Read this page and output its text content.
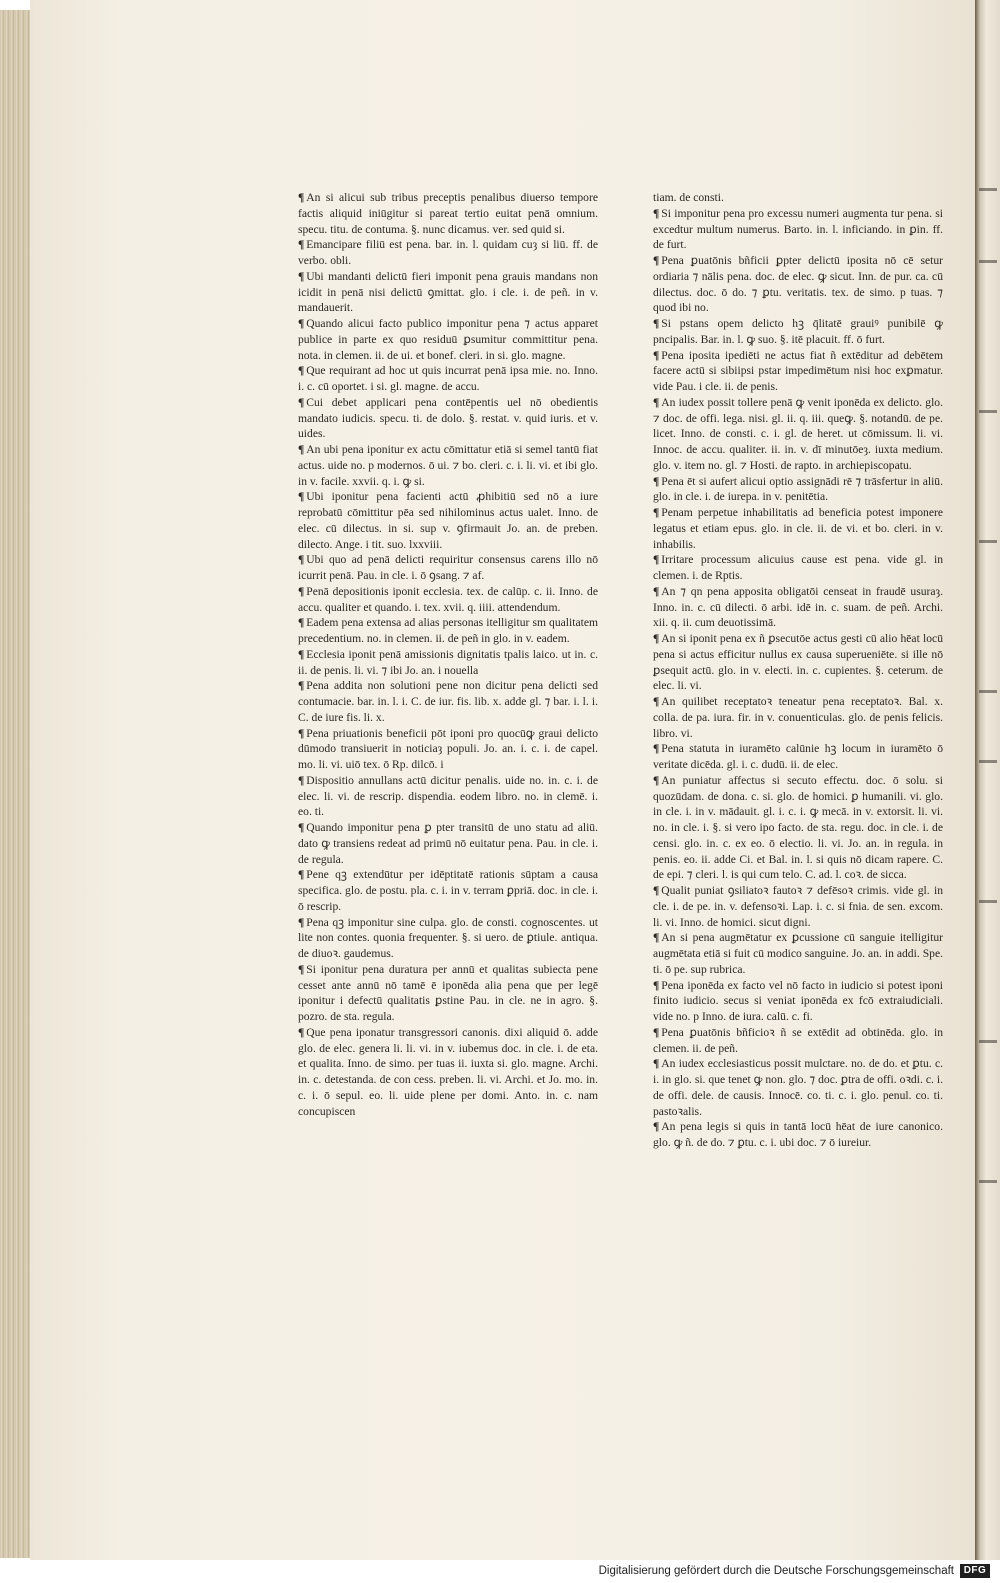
¶ An si alicui sub tribus preceptis penalibus diuerso tempore factis aliquid iniūgitur si pareat tertio euitat penā omnium. specu. titu. de contuma. §. nunc dicamus. ver. sed quid si.

¶ Emancipare filiū est pena. bar. in. l. quidam cuȝ si liū. ff. de verbo. obli.

¶ Ubi mandanti delictū fieri imponit pena grauis mandans non icidit in penā nisi delictū ꝯmittat. glo. i cle. i. de peñ. in v. mandauerit.

¶ Quando alicui facto publico imponitur pena ⁊ actus apparet publice in parte ex quo residuū ꝑsumitur committitur pena. nota. in clemen. ii. de ui. et bonef. cleri. in si. glo. magne.

¶ Que requirant ad hoc ut quis incurrat penā ipsa mie. no. Inno. i. c. cū oportet. i si. gl. magne. de accu.

¶ Cui debet applicari pena contēpentis uel nō obedientis mandato iudicis. specu. ti. de dolo. §. restat. v. quid iuris. et v. uides.

¶ An ubi pena iponitur ex actu cōmittatur etiā si semel tantū fiat actus. uide no. p modernos. ō ui. ⁊ bo. cleri. c. i. li. vi. et ibi glo. in v. facile. xxvii. q. i. ꝙ si.

¶ Ubi iponitur pena facienti actū ꝓhibitiū sed nō a iure reprobatū cōmittitur pēa sed nihilominus actus ualet. Inno. de elec. cū dilectus. in si. sup v. ꝯfirmauit Jo. an. de preben. dilecto. Ange. i tit. suo. lxxviii.

¶ Ubi quo ad penā delicti requiritur consensus carens illo nō icurrit penā. Pau. in cle. i. ō ꝯsang. ⁊ af.

¶ Penā depositionis iponit ecclesia. tex. de calūp. c. ii. Inno. de accu. qualiter et quando. i. tex. xvii. q. iiii. attendendum.

¶ Eadem pena extensa ad alias personas itelligitur sm qualitatem precedentium. no. in clemen. ii. de peñ in glo. in v. eadem.

¶ Ecclesia iponit penā amissionis dignitatis tpalis laico. ut in. c. ii. de penis. li. vi. ⁊ ibi Jo. an. i nouella

¶ Pena addita non solutioni pene non dicitur pena delicti sed contumacie. bar. in. l. i. C. de iur. fis. lib. x. adde gl. ⁊ bar. i. l. i. C. de iure fis. li. x.

¶ Pena priuationis beneficii pōt iponi pro quocūꝙ graui delicto dūmodo transiuerit in noticiaȝ populi. Jo. an. i. c. i. de capel. mo. li. vi. uiō tex. ō Rp. dilcō. i

¶ Dispositio annullans actū dicitur penalis. uide no. in. c. i. de elec. li. vi. de rescrip. dispendia. eodem libro. no. in clemē. i. eo. ti.

¶ Quando imponitur pena ꝑ pter transitū de uno statu ad aliū. dato ꝙ transiens redeat ad primū nō euitatur pena. Pau. in cle. i. de regula.

¶ Pene qꝫ extendūtur per idēptitatē rationis sūptam a causa specifica. glo. de postu. pla. c. i. in v. terram ꝑpriā. doc. in cle. i. ō rescrip.

¶ Pena qꝫ imponitur sine culpa. glo. de consti. cognoscentes. ut lite non contes. quonia frequenter. §. si uero. de ꝑtiule. antiqua. de diuoꝛ. gaudemus.

¶ Si iponitur pena duratura per annū et qualitas subiecta pene cesset ante annū nō tamē ē iponēda alia pena que per legē iponitur i defectū qualitatis ꝑstine Pau. in cle. ne in agro. §. pozro. de sta. regula.

¶ Que pena iponatur transgressori canonis. dixi aliquid ō. adde glo. de elec. genera li. li. vi. in v. iubemus doc. in cle. i. de eta. et qualita. Inno. de simo. per tuas ii. iuxta si. glo. magne. Archi. in. c. detestanda. de con cess. preben. li. vi. Archi. et Jo. mo. in. c. i. ō sepul. eo. li. uide plene per domi. Anto. in. c. nam concupiscen

tiam. de consti.

¶ Si imponitur pena pro excessu numeri augmenta tur pena. si excedtur multum numerus. Barto. in. l. inficiando. in ꝑin. ff. de furt.

¶ Pena ꝑuatōnis bñficii ꝑpter delictū iposita nō cē setur ordiaria ⁊ nālis pena. doc. de elec. ꝙ sicut. Inn. de pur. ca. cū dilectus. doc. ō do. ⁊ ꝑtu. veritatis. tex. de simo. p tuas. ⁊ quod ibi no.

¶ Si pstans opem delicto hꝫ q̄litatē grauiꝰ punibilē ꝙ pncipalis. Bar. in. l. ꝙ suo. §. itē placuit. ff. ō furt.

¶ Pena iposita ipediēti ne actus fiat ñ extēditur ad debētem facere actū si sibiipsi pstar impedimētum nisi hoc exꝑmatur. vide Pau. i cle. ii. de penis.

¶ An iudex possit tollere penā ꝙ venit iponēda ex delicto. glo. ⁊ doc. de offi. lega. nisi. gl. ii. q. iii. queꝙ. §. notandū. de pe. licet. Inno. de consti. c. i. gl. de heret. ut cōmissum. li. vi. Innoc. de accu. qualiter. ii. in. v. dī minutōeȝ. iuxta medium. glo. v. item no. gl. ⁊ Hosti. de rapto. in archiepiscopatu.

¶ Pena ēt si aufert alicui optio assignādi rē ⁊ trāsfertur in aliū. glo. in cle. i. de iurepa. in v. penitētia.

¶ Penam perpetue inhabilitatis ad beneficia potest imponere legatus et etiam epus. glo. in cle. ii. de vi. et bo. cleri. in v. inhabilis.

¶ Irritare processum alicuius cause est pena. vide gl. in clemen. i. de Rptis.

¶ An ⁊ qn pena apposita obligatōi censeat in fraudē usuraȝ. Inno. in. c. cū dilecti. ō arbi. idē in. c. suam. de peñ. Archi. xii. q. ii. cum deuotissimā.

¶ An si iponit pena ex ñ ꝑsecutōe actus gesti cū alio hēat locū pena si actus efficitur nullus ex causa superueniēte. si ille nō ꝑsequit actū. glo. in v. electi. in. c. cupientes. §. ceterum. de elec. li. vi.

¶ An quilibet receptatoꝛ teneatur pena receptatoꝛ. Bal. x. colla. de pa. iura. fir. in v. conuenticulas. glo. de penis felicis. libro. vi.

¶ Pena statuta in iuramēto calūnie hꝫ locum in iuramēto ō veritate dicēda. gl. i. c. dudū. ii. de elec.

¶ An puniatur affectus si secuto effectu. doc. ō solu. si quozūdam. de dona. c. si. glo. de homici. ꝑ humanili. vi. glo. in cle. i. in v. mādauit. gl. i. c. i. ꝙ mecā. in v. extorsit. li. vi. no. in cle. i. §. si vero ipo facto. de sta. regu. doc. in cle. i. de censi. glo. in. c. ex eo. ō electio. li. vi. Jo. an. in regula. in penis. eo. ii. adde Ci. et Bal. in. l. si quis nō dicam rapere. C. de epi. ⁊ cleri. l. is qui cum telo. C. ad. l. coꝛ. de sicca.

¶ Qualit puniat ꝯsiliatoꝛ fautoꝛ ⁊ defēsoꝛ crimis. vide gl. in cle. i. de pe. in. v. defensoꝛi. Lap. i. c. si fnia. de sen. excom. li. vi. Inno. de homici. sicut digni.

¶ An si pena augmētatur ex ꝑcussione cū sanguie itelligitur augmētata etiā si fuit cū modico sanguine. Jo. an. in addi. Spe. ti. ō pe. sup rubrica.

¶ Pena iponēda ex facto vel nō facto in iudicio si potest iponi finito iudicio. secus si veniat iponēda ex fcō extraiudiciali. vide no. p Inno. de iura. calū. c. fi.

¶ Pena ꝑuatōnis bñficioꝛ ñ se extēdit ad obtinēda. glo. in clemen. ii. de peñ.

¶ An iudex ecclesiasticus possit mulctare. no. de do. et ꝑtu. c. i. in glo. si. que tenet ꝙ non. glo. ⁊ doc. ꝑtra de offi. oꝛdi. c. i. de offi. dele. de causis. Innocē. co. ti. c. i. glo. penul. co. ti. pastoꝛalis.

¶ An pena legis si quis in tantā locū hēat de iure canonico. glo. ꝙ ñ. de do. ⁊ ꝑtu. c. i. ubi doc. ⁊ ō iureiur.

Digitalisierung gefördert durch die Deutsche Forschungsgemeinschaft DFG
